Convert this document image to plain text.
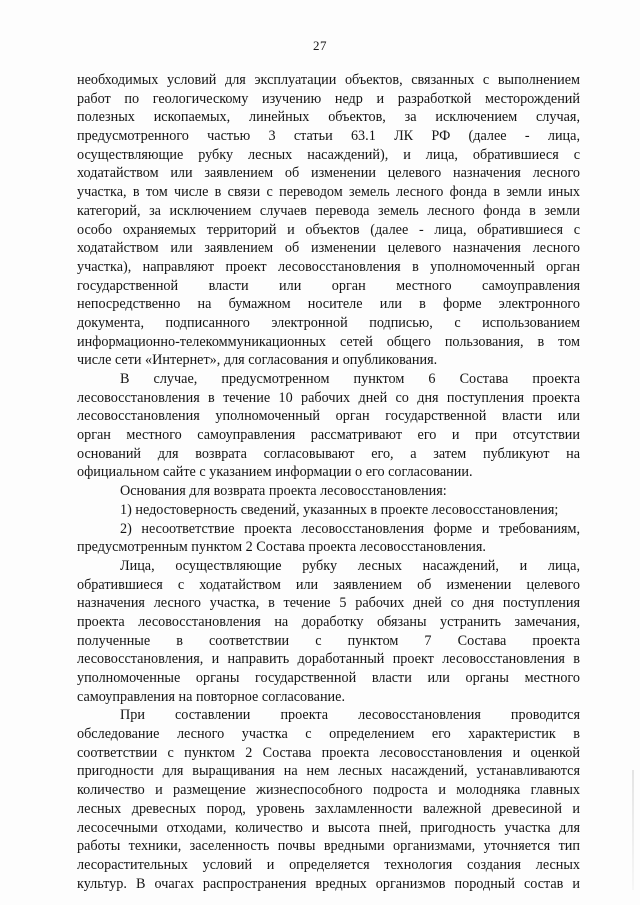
27
необходимых условий для эксплуатации объектов, связанных с выполнением
работ по геологическому изучению недр и разработкой месторождений
полезных ископаемых, линейных объектов, за исключением случая,
предусмотренного частью 3 статьи 63.1 ЛК РФ (далее - лица,
осуществляющие рубку лесных насаждений), и лица, обратившиеся с
ходатайством или заявлением об изменении целевого назначения лесного
участка, в том числе в связи с переводом земель лесного фонда в земли иных
категорий, за исключением случаев перевода земель лесного фонда в земли
особо охраняемых территорий и объектов (далее - лица, обратившиеся с
ходатайством или заявлением об изменении целевого назначения лесного
участка), направляют проект лесовосстановления в уполномоченный орган
государственной власти или орган местного самоуправления
непосредственно на бумажном носителе или в форме электронного
документа, подписанного электронной подписью, с использованием
информационно-телекоммуникационных сетей общего пользования, в том
числе сети «Интернет», для согласования и опубликования.
В случае, предусмотренном пунктом 6 Состава проекта
лесовосстановления в течение 10 рабочих дней со дня поступления проекта
лесовосстановления уполномоченный орган государственной власти или
орган местного самоуправления рассматривают его и при отсутствии
оснований для возврата согласовывают его, а затем публикуют на
официальном сайте с указанием информации о его согласовании.
Основания для возврата проекта лесовосстановления:
1) недостоверность сведений, указанных в проекте лесовосстановления;
2) несоответствие проекта лесовосстановления форме и требованиям,
предусмотренным пунктом 2 Состава проекта лесовосстановления.
Лица, осуществляющие рубку лесных насаждений, и лица,
обратившиеся с ходатайством или заявлением об изменении целевого
назначения лесного участка, в течение 5 рабочих дней со дня поступления
проекта лесовосстановления на доработку обязаны устранить замечания,
полученные в соответствии с пунктом 7 Состава проекта
лесовосстановления, и направить доработанный проект лесовосстановления в
уполномоченные органы государственной власти или органы местного
самоуправления на повторное согласование.
При составлении проекта лесовосстановления проводится
обследование лесного участка с определением его характеристик в
соответствии с пунктом 2 Состава проекта лесовосстановления и оценкой
пригодности для выращивания на нем лесных насаждений, устанавливаются
количество и размещение жизнеспособного подроста и молодняка главных
лесных древесных пород, уровень захламленности валежной древесиной и
лесосечными отходами, количество и высота пней, пригодность участка для
работы техники, заселенность почвы вредными организмами, уточняется тип
лесорастительных условий и определяется технология создания лесных
культур. В очагах распространения вредных организмов породный состав и
